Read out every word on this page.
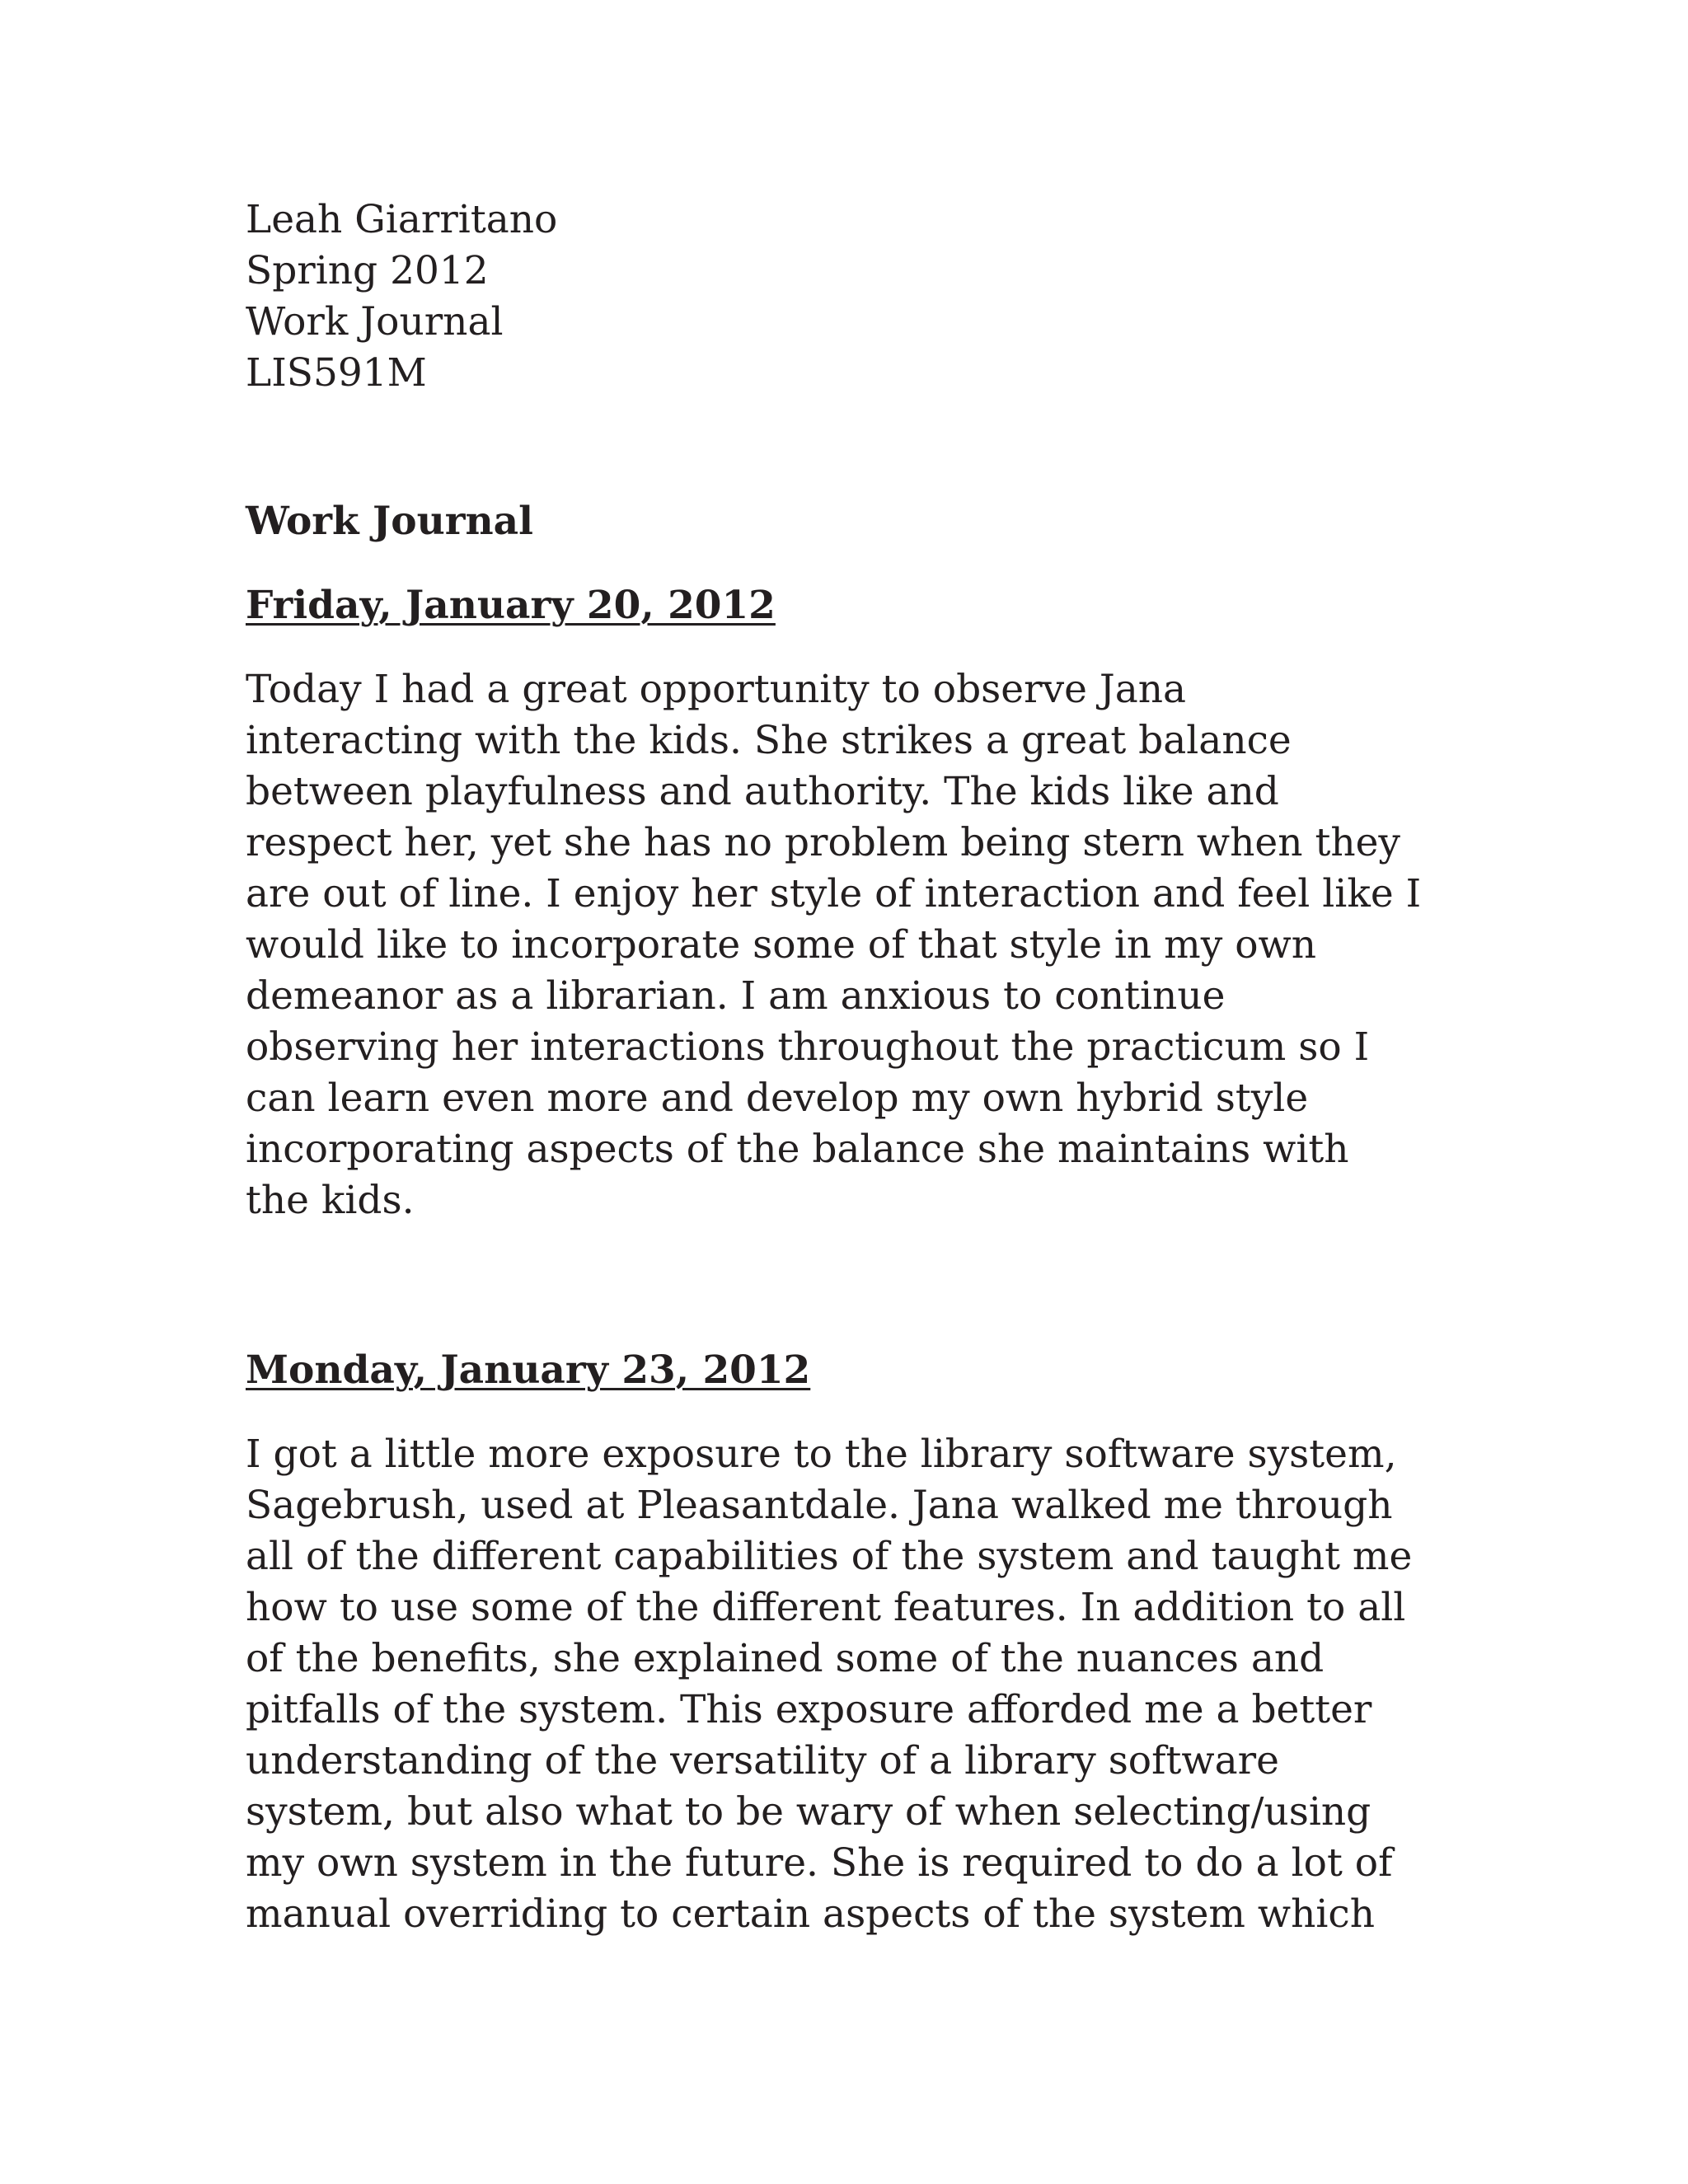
Leah Giarritano
Spring 2012
Work Journal
LIS591M
Work Journal
Friday, January 20, 2012
Today I had a great opportunity to observe Jana
interacting with the kids. She strikes a great balance
between playfulness and authority. The kids like and
respect her, yet she has no problem being stern when they
are out of line. I enjoy her style of interaction and feel like I
would like to incorporate some of that style in my own
demeanor as a librarian. I am anxious to continue
observing her interactions throughout the practicum so I
can learn even more and develop my own hybrid style
incorporating aspects of the balance she maintains with
the kids.
Monday, January 23, 2012
I got a little more exposure to the library software system,
Sagebrush, used at Pleasantdale. Jana walked me through
all of the different capabilities of the system and taught me
how to use some of the different features. In addition to all
of the benefits, she explained some of the nuances and
pitfalls of the system. This exposure afforded me a better
understanding of the versatility of a library software
system, but also what to be wary of when selecting/using
my own system in the future. She is required to do a lot of
manual overriding to certain aspects of the system which
